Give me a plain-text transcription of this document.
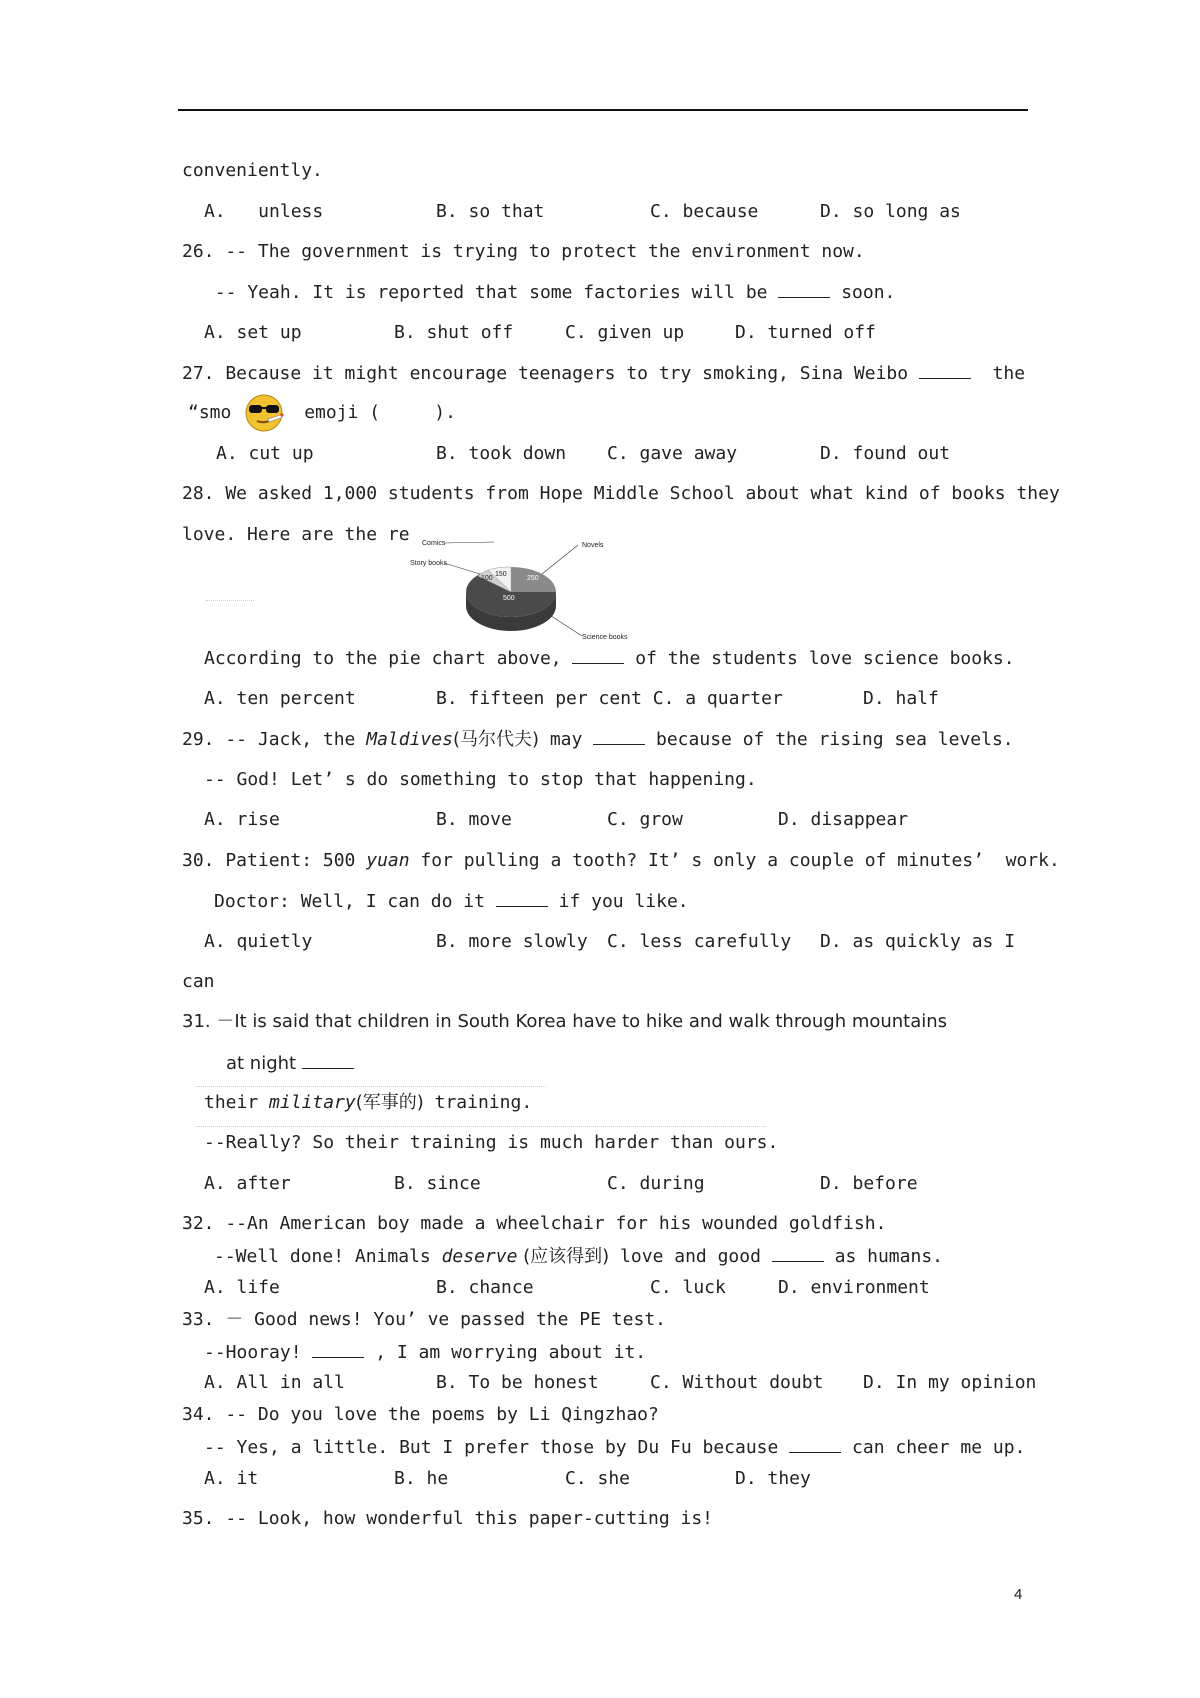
conveniently.
A.   unless	B. so that	C. because	D. so long as
26. -- The government is trying to protect the environment now.
-- Yeah. It is reported that some factories will be	soon.
A. set up	B. shut off	C. given up	D. turned off
27. Because it might encourage teenagers to try smoking, Sina Weibo	the
“smo	emoji (     ).
A. cut up	B. took down C. gave away	D. found out
28. We asked 1,000 students from Hope Middle School about what kind of books they
love. Here are the re
150
100	250
500
Comics
Story books
Novels
Science books
According to the pie chart above,	of the students love science books.
A. ten percent	B. fifteen per cent C. a quarter	D. half
29. -- Jack, the Maldives(马尔代夫) may	because of the rising sea levels.
-- God! Let’ s do something to stop that happening.
A. rise	B. move	C. grow	D. disappear
30. Patient: 500 yuan for pulling a tooth? It’ s only a couple of minutes’  work.
Doctor: Well, I can do it	if you like.
A. quietly	B. more slowly C. less carefully D. as quickly as I
can
31. －It is said that children in South Korea have to hike and walk through mountains
at night
their military(军事的) training.
--Really? So their training is much harder than ours.
A. after	B. since	C. during	D. before
32. --An American boy made a wheelchair for his wounded goldfish.
--Well done! Animals deserve (应该得到) love and good	as humans.
A. life	B. chance	C. luck	D. environment
33. － Good news! You’ ve passed the PE test.
--Hooray!	, I am worrying about it.
A. All in all	B. To be honest	C. Without doubt D. In my opinion
34. -- Do you love the poems by Li Qingzhao?
-- Yes, a little. But I prefer those by Du Fu because	can cheer me up.
A. it	B. he	C. she	D. they
35. -- Look, how wonderful this paper-cutting is!
4
